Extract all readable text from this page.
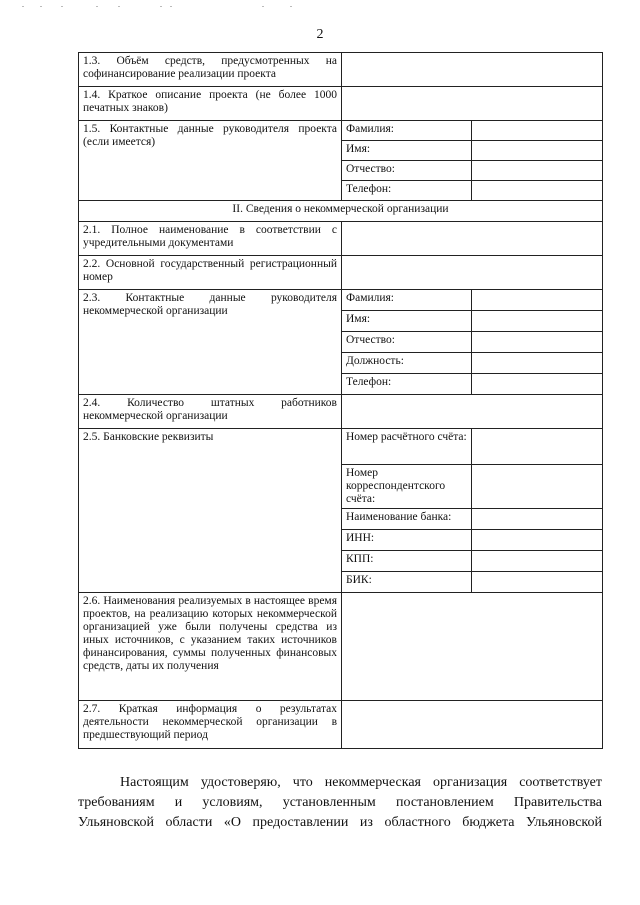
2
1.3. Объём средств, предусмотренных на софинансирование реализации проекта		
1.4. Краткое описание проекта (не более 1000 печатных знаков)		
1.5. Контактные данные руководителя проекта (если имеется)	Фамилия:	
	Имя:	
	Отчество:	
	Телефон:	
II. Сведения о некоммерческой организации		
2.1. Полное наименование в соответствии с учредительными документами		
2.2. Основной государственный регистрационный номер		
2.3. Контактные данные руководителя некоммерческой организации	Фамилия:	
	Имя:	
	Отчество:	
	Должность:	
	Телефон:	
2.4. Количество штатных работников некоммерческой организации		
2.5. Банковские реквизиты	Номер расчётного счёта:	
	Номер корреспондентского счёта:	
	Наименование банка:	
	ИНН:	
	КПП:	
	БИК:	
2.6. Наименования реализуемых в настоящее время проектов, на реализацию которых некоммерческой организацией уже были получены средства из иных источников, с указанием таких источников финансирования, суммы полученных финансовых средств, даты их получения		
2.7. Краткая информация о результатах деятельности некоммерческой организации в предшествующий период		
Настоящим удостоверяю, что некоммерческая организация соответствует
требованиям и условиям, установленным постановлением Правительства
Ульяновской области «О предоставлении из областного бюджета Ульяновской
